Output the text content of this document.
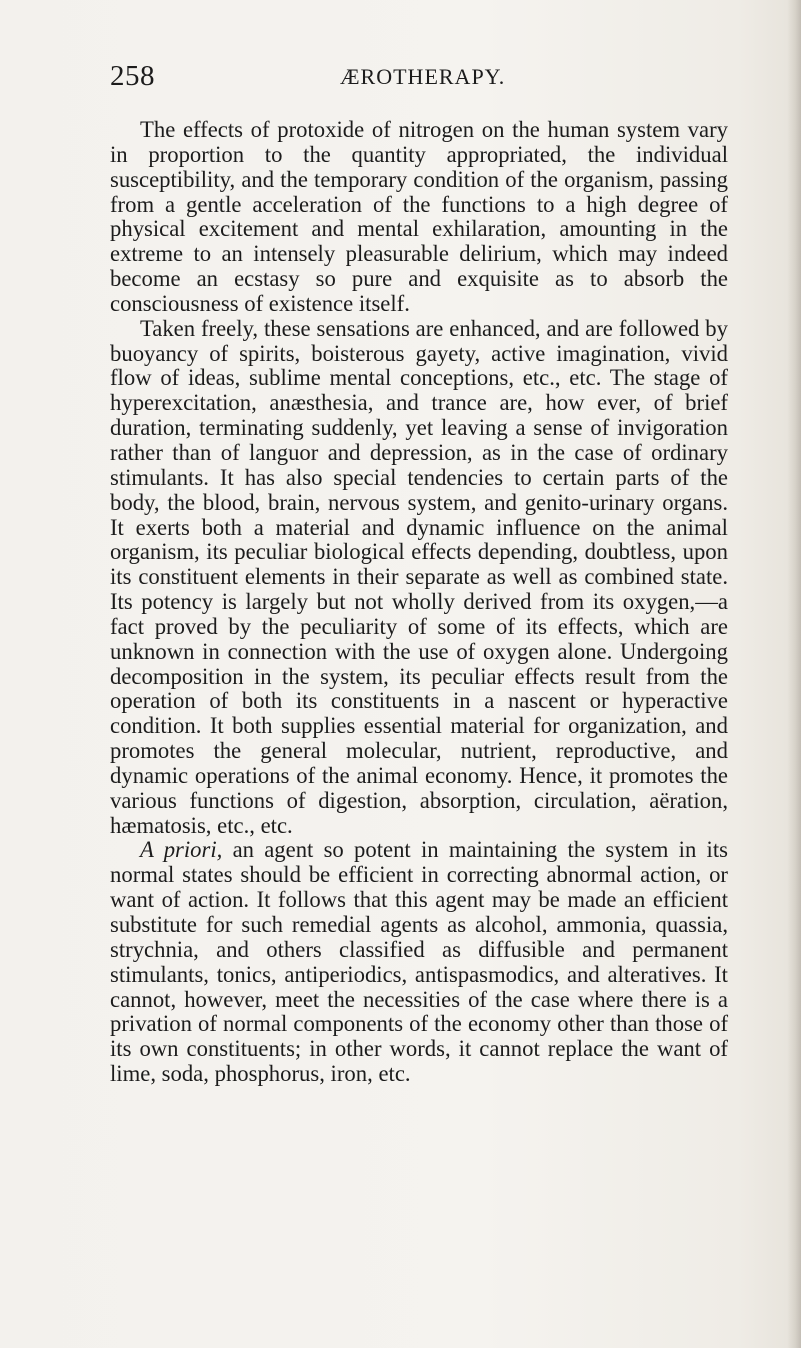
258	ÆROTHERAPY.

The effects of protoxide of nitrogen on the human system vary in proportion to the quantity appropriated, the individual susceptibility, and the temporary condition of the organism, passing from a gentle acceleration of the functions to a high degree of physical excitement and mental exhilaration, amounting in the extreme to an intensely pleasurable delirium, which may indeed become an ecstasy so pure and exquisite as to absorb the consciousness of existence itself.

Taken freely, these sensations are enhanced, and are followed by buoyancy of spirits, boisterous gayety, active imagination, vivid flow of ideas, sublime mental conceptions, etc., etc. The stage of hyperexcitation, anæsthesia, and trance are, how ever, of brief duration, terminating suddenly, yet leaving a sense of invigoration rather than of languor and depression, as in the case of ordinary stimulants. It has also special tendencies to certain parts of the body, the blood, brain, nervous system, and genito-urinary organs. It exerts both a material and dynamic influence on the animal organism, its peculiar biological effects depending, doubtless, upon its constituent elements in their separate as well as combined state. Its potency is largely but not wholly derived from its oxygen,—a fact proved by the peculiarity of some of its effects, which are unknown in connection with the use of oxygen alone. Undergoing decomposition in the system, its peculiar effects result from the operation of both its constituents in a nascent or hyperactive condition. It both supplies essential material for organization, and promotes the general molecular, nutrient, reproductive, and dynamic operations of the animal economy. Hence, it promotes the various functions of digestion, absorption, circulation, aëration, hæmatosis, etc., etc.

A priori, an agent so potent in maintaining the system in its normal states should be efficient in correcting abnormal action, or want of action. It follows that this agent may be made an efficient substitute for such remedial agents as alcohol, ammonia, quassia, strychnia, and others classified as diffusible and permanent stimulants, tonics, antiperiodics, antispasmodics, and alteratives. It cannot, however, meet the necessities of the case where there is a privation of normal components of the economy other than those of its own constituents; in other words, it cannot replace the want of lime, soda, phosphorus, iron, etc.
